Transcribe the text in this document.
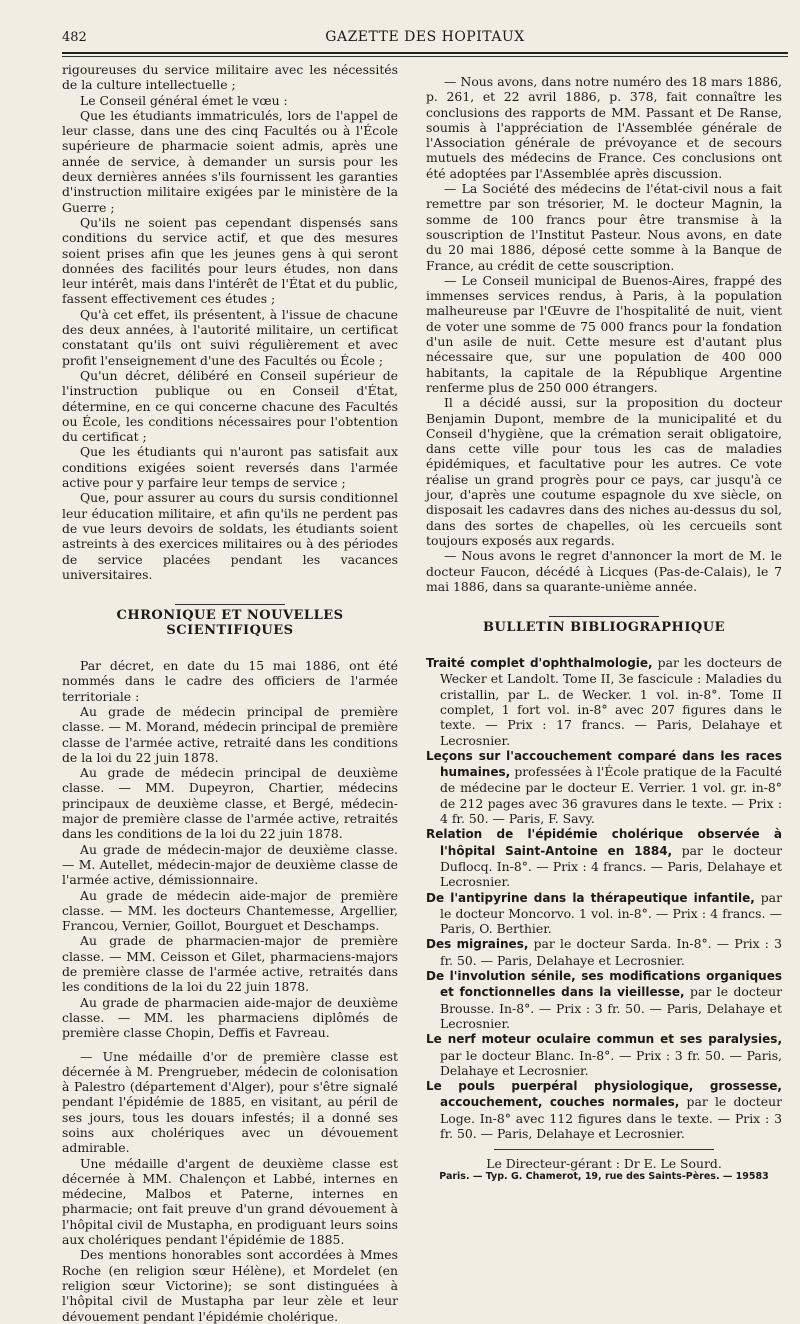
482	GAZETTE DES HOPITAUX

rigoureuses du service militaire avec les nécessités de la culture intellectuelle ;

Le Conseil général émet le vœu :

Que les étudiants immatriculés, lors de l'appel de leur classe, dans une des cinq Facultés ou à l'École supérieure de pharmacie soient admis, après une année de service, à demander un sursis pour les deux dernières années s'ils fournissent les garanties d'instruction militaire exigées par le ministère de la Guerre ;

Qu'ils ne soient pas cependant dispensés sans conditions du service actif, et que des mesures soient prises afin que les jeunes gens à qui seront données des facilités pour leurs études, non dans leur intérêt, mais dans l'intérêt de l'État et du public, fassent effectivement ces études ;

Qu'à cet effet, ils présentent, à l'issue de chacune des deux années, à l'autorité militaire, un certificat constatant qu'ils ont suivi régulièrement et avec profit l'enseignement d'une des Facultés ou École ;

Qu'un décret, délibéré en Conseil supérieur de l'instruction publique ou en Conseil d'État, détermine, en ce qui concerne chacune des Facultés ou École, les conditions nécessaires pour l'obtention du certificat ;

Que les étudiants qui n'auront pas satisfait aux conditions exigées soient reversés dans l'armée active pour y parfaire leur temps de service ;

Que, pour assurer au cours du sursis conditionnel leur éducation militaire, et afin qu'ils ne perdent pas de vue leurs devoirs de soldats, les étudiants soient astreints à des exercices militaires ou à des périodes de service placées pendant les vacances universitaires.

CHRONIQUE ET NOUVELLES SCIENTIFIQUES

Par décret, en date du 15 mai 1886, ont été nommés dans le cadre des officiers de l'armée territoriale :

Au grade de médecin principal de première classe. — M. Morand, médecin principal de première classe de l'armée active, retraité dans les conditions de la loi du 22 juin 1878.

Au grade de médecin principal de deuxième classe. — MM. Dupeyron, Chartier, médecins principaux de deuxième classe, et Bergé, médecin-major de première classe de l'armée active, retraités dans les conditions de la loi du 22 juin 1878.

Au grade de médecin-major de deuxième classe. — M. Autellet, médecin-major de deuxième classe de l'armée active, démissionnaire.

Au grade de médecin aide-major de première classe. — MM. les docteurs Chantemesse, Argellier, Francou, Vernier, Goillot, Bourguet et Deschamps.

Au grade de pharmacien-major de première classe. — MM. Ceisson et Gilet, pharmaciens-majors de première classe de l'armée active, retraités dans les conditions de la loi du 22 juin 1878.

Au grade de pharmacien aide-major de deuxième classe. — MM. les pharmaciens diplômés de première classe Chopin, Deffis et Favreau.

— Une médaille d'or de première classe est décernée à M. Prengrueber, médecin de colonisation à Palestro (département d'Alger), pour s'être signalé pendant l'épidémie de 1885, en visitant, au péril de ses jours, tous les douars infestés; il a donné ses soins aux cholériques avec un dévouement admirable.

Une médaille d'argent de deuxième classe est décernée à MM. Chalençon et Labbé, internes en médecine, Malbos et Paterne, internes en pharmacie; ont fait preuve d'un grand dévouement à l'hôpital civil de Mustapha, en prodiguant leurs soins aux cholériques pendant l'épidémie de 1885.

Des mentions honorables sont accordées à Mmes Roche (en religion sœur Hélène), et Mordelet (en religion sœur Victorine); se sont distinguées à l'hôpital civil de Mustapha par leur zèle et leur dévouement pendant l'épidémie cholérique.

— Nous avons, dans notre numéro des 18 mars 1886, p. 261, et 22 avril 1886, p. 378, fait connaître les conclusions des rapports de MM. Passant et De Ranse, soumis à l'appréciation de l'Assemblée générale de l'Association générale de prévoyance et de secours mutuels des médecins de France. Ces conclusions ont été adoptées par l'Assemblée après discussion.

— La Société des médecins de l'état-civil nous a fait remettre par son trésorier, M. le docteur Magnin, la somme de 100 francs pour être transmise à la souscription de l'Institut Pasteur. Nous avons, en date du 20 mai 1886, déposé cette somme à la Banque de France, au crédit de cette souscription.

— Le Conseil municipal de Buenos-Aires, frappé des immenses services rendus, à Paris, à la population malheureuse par l'Œuvre de l'hospitalité de nuit, vient de voter une somme de 75 000 francs pour la fondation d'un asile de nuit. Cette mesure est d'autant plus nécessaire que, sur une population de 400 000 habitants, la capitale de la République Argentine renferme plus de 250 000 étrangers.

Il a décidé aussi, sur la proposition du docteur Benjamin Dupont, membre de la municipalité et du Conseil d'hygiène, que la crémation serait obligatoire, dans cette ville pour tous les cas de maladies épidémiques, et facultative pour les autres. Ce vote réalise un grand progrès pour ce pays, car jusqu'à ce jour, d'après une coutume espagnole du xve siècle, on disposait les cadavres dans des niches au-dessus du sol, dans des sortes de chapelles, où les cercueils sont toujours exposés aux regards.

— Nous avons le regret d'annoncer la mort de M. le docteur Faucon, décédé à Licques (Pas-de-Calais), le 7 mai 1886, dans sa quarante-unième année.

BULLETIN BIBLIOGRAPHIQUE

Traité complet d'ophthalmologie, par les docteurs de Wecker et Landolt. Tome II, 3e fascicule : Maladies du cristallin, par L. de Wecker. 1 vol. in-8°. Tome II complet, 1 fort vol. in-8° avec 207 figures dans le texte. — Prix : 17 francs. — Paris, Delahaye et Lecrosnier.

Leçons sur l'accouchement comparé dans les races humaines, professées à l'École pratique de la Faculté de médecine par le docteur E. Verrier. 1 vol. gr. in-8° de 212 pages avec 36 gravures dans le texte. — Prix : 4 fr. 50. — Paris, F. Savy.

Relation de l'épidémie cholérique observée à l'hôpital Saint-Antoine en 1884, par le docteur Duflocq. In-8°. — Prix : 4 francs. — Paris, Delahaye et Lecrosnier.

De l'antipyrine dans la thérapeutique infantile, par le docteur Moncorvo. 1 vol. in-8°. — Prix : 4 francs. — Paris, O. Berthier.

Des migraines, par le docteur Sarda. In-8°. — Prix : 3 fr. 50. — Paris, Delahaye et Lecrosnier.

De l'involution sénile, ses modifications organiques et fonctionnelles dans la vieillesse, par le docteur Brousse. In-8°. — Prix : 3 fr. 50. — Paris, Delahaye et Lecrosnier.

Le nerf moteur oculaire commun et ses paralysies, par le docteur Blanc. In-8°. — Prix : 3 fr. 50. — Paris, Delahaye et Lecrosnier.

Le pouls puerpéral physiologique, grossesse, accouchement, couches normales, par le docteur Loge. In-8° avec 112 figures dans le texte. — Prix : 3 fr. 50. — Paris, Delahaye et Lecrosnier.

Le Directeur-gérant : Dr E. Le Sourd.
Paris. — Typ. G. Chamerot, 19, rue des Saints-Pères. — 19583
